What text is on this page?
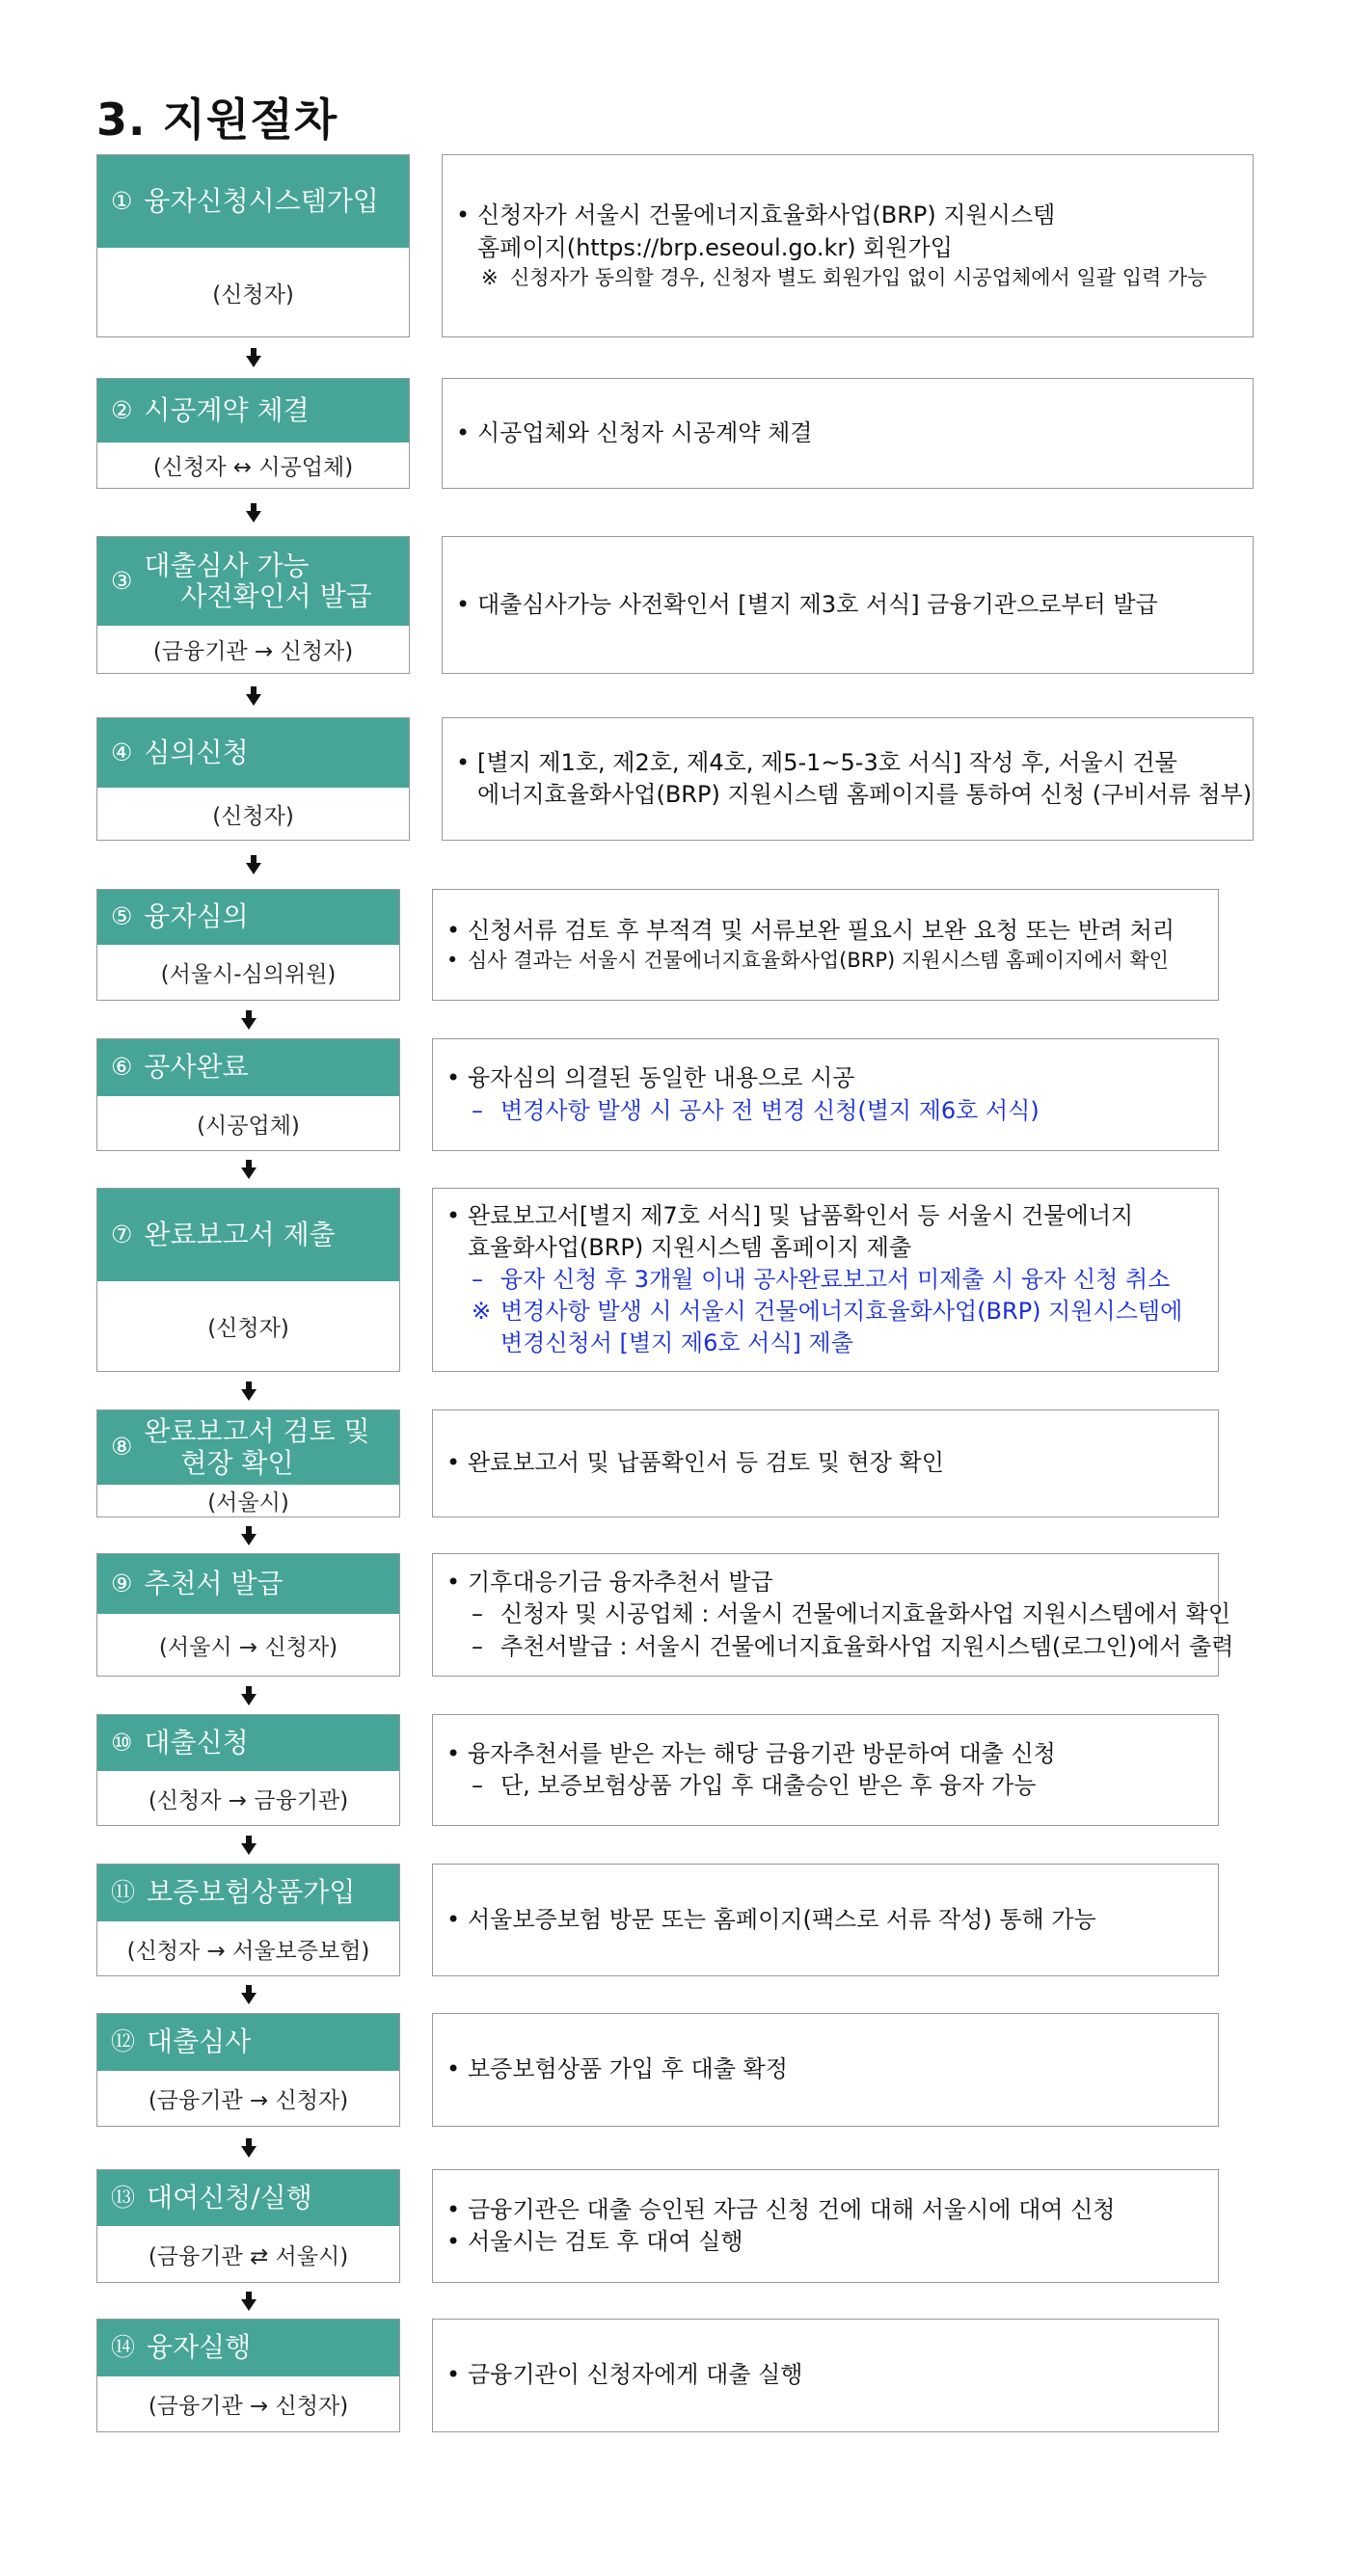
3. 지원절차
① 융자신청시스템가입
(신청자)
• 신청자가 서울시 건물에너지효율화사업(BRP) 지원시스템
홈페이지(https://brp.eseoul.go.kr) 회원가입
※ 신청자가 동의할 경우, 신청자 별도 회원가입 없이 시공업체에서 일괄 입력 가능
② 시공계약 체결
(신청자 ↔ 시공업체)
• 시공업체와 신청자 시공계약 체결
③ 대출심사 가능
사전확인서 발급
(금융기관 → 신청자)
• 대출심사가능 사전확인서 [별지 제3호 서식] 금융기관으로부터 발급
④ 심의신청
(신청자)
• [별지 제1호, 제2호, 제4호, 제5-1~5-3호 서식] 작성 후, 서울시 건물
에너지효율화사업(BRP) 지원시스템 홈페이지를 통하여 신청 (구비서류 첨부)
⑤ 융자심의
(서울시-심의위원)
• 신청서류 검토 후 부적격 및 서류보완 필요시 보완 요청 또는 반려 처리
• 심사 결과는 서울시 건물에너지효율화사업(BRP) 지원시스템 홈페이지에서 확인
⑥ 공사완료
(시공업체)
• 융자심의 의결된 동일한 내용으로 시공
– 변경사항 발생 시 공사 전 변경 신청(별지 제6호 서식)
⑦ 완료보고서 제출
(신청자)
• 완료보고서[별지 제7호 서식] 및 납품확인서 등 서울시 건물에너지
효율화사업(BRP) 지원시스템 홈페이지 제출
– 융자 신청 후 3개월 이내 공사완료보고서 미제출 시 융자 신청 취소
※ 변경사항 발생 시 서울시 건물에너지효율화사업(BRP) 지원시스템에
변경신청서 [별지 제6호 서식] 제출
⑧ 완료보고서 검토 및
현장 확인
(서울시)
• 완료보고서 및 납품확인서 등 검토 및 현장 확인
⑨ 추천서 발급
(서울시 → 신청자)
• 기후대응기금 융자추천서 발급
– 신청자 및 시공업체 : 서울시 건물에너지효율화사업 지원시스템에서 확인
– 추천서발급 : 서울시 건물에너지효율화사업 지원시스템(로그인)에서 출력
⑩ 대출신청
(신청자 → 금융기관)
• 융자추천서를 받은 자는 해당 금융기관 방문하여 대출 신청
– 단, 보증보험상품 가입 후 대출승인 받은 후 융자 가능
⑪ 보증보험상품가입
(신청자 → 서울보증보험)
• 서울보증보험 방문 또는 홈페이지(팩스로 서류 작성) 통해 가능
⑫ 대출심사
(금융기관 → 신청자)
• 보증보험상품 가입 후 대출 확정
⑬ 대여신청/실행
(금융기관 ⇄ 서울시)
• 금융기관은 대출 승인된 자금 신청 건에 대해 서울시에 대여 신청
• 서울시는 검토 후 대여 실행
⑭ 융자실행
(금융기관 → 신청자)
• 금융기관이 신청자에게 대출 실행
